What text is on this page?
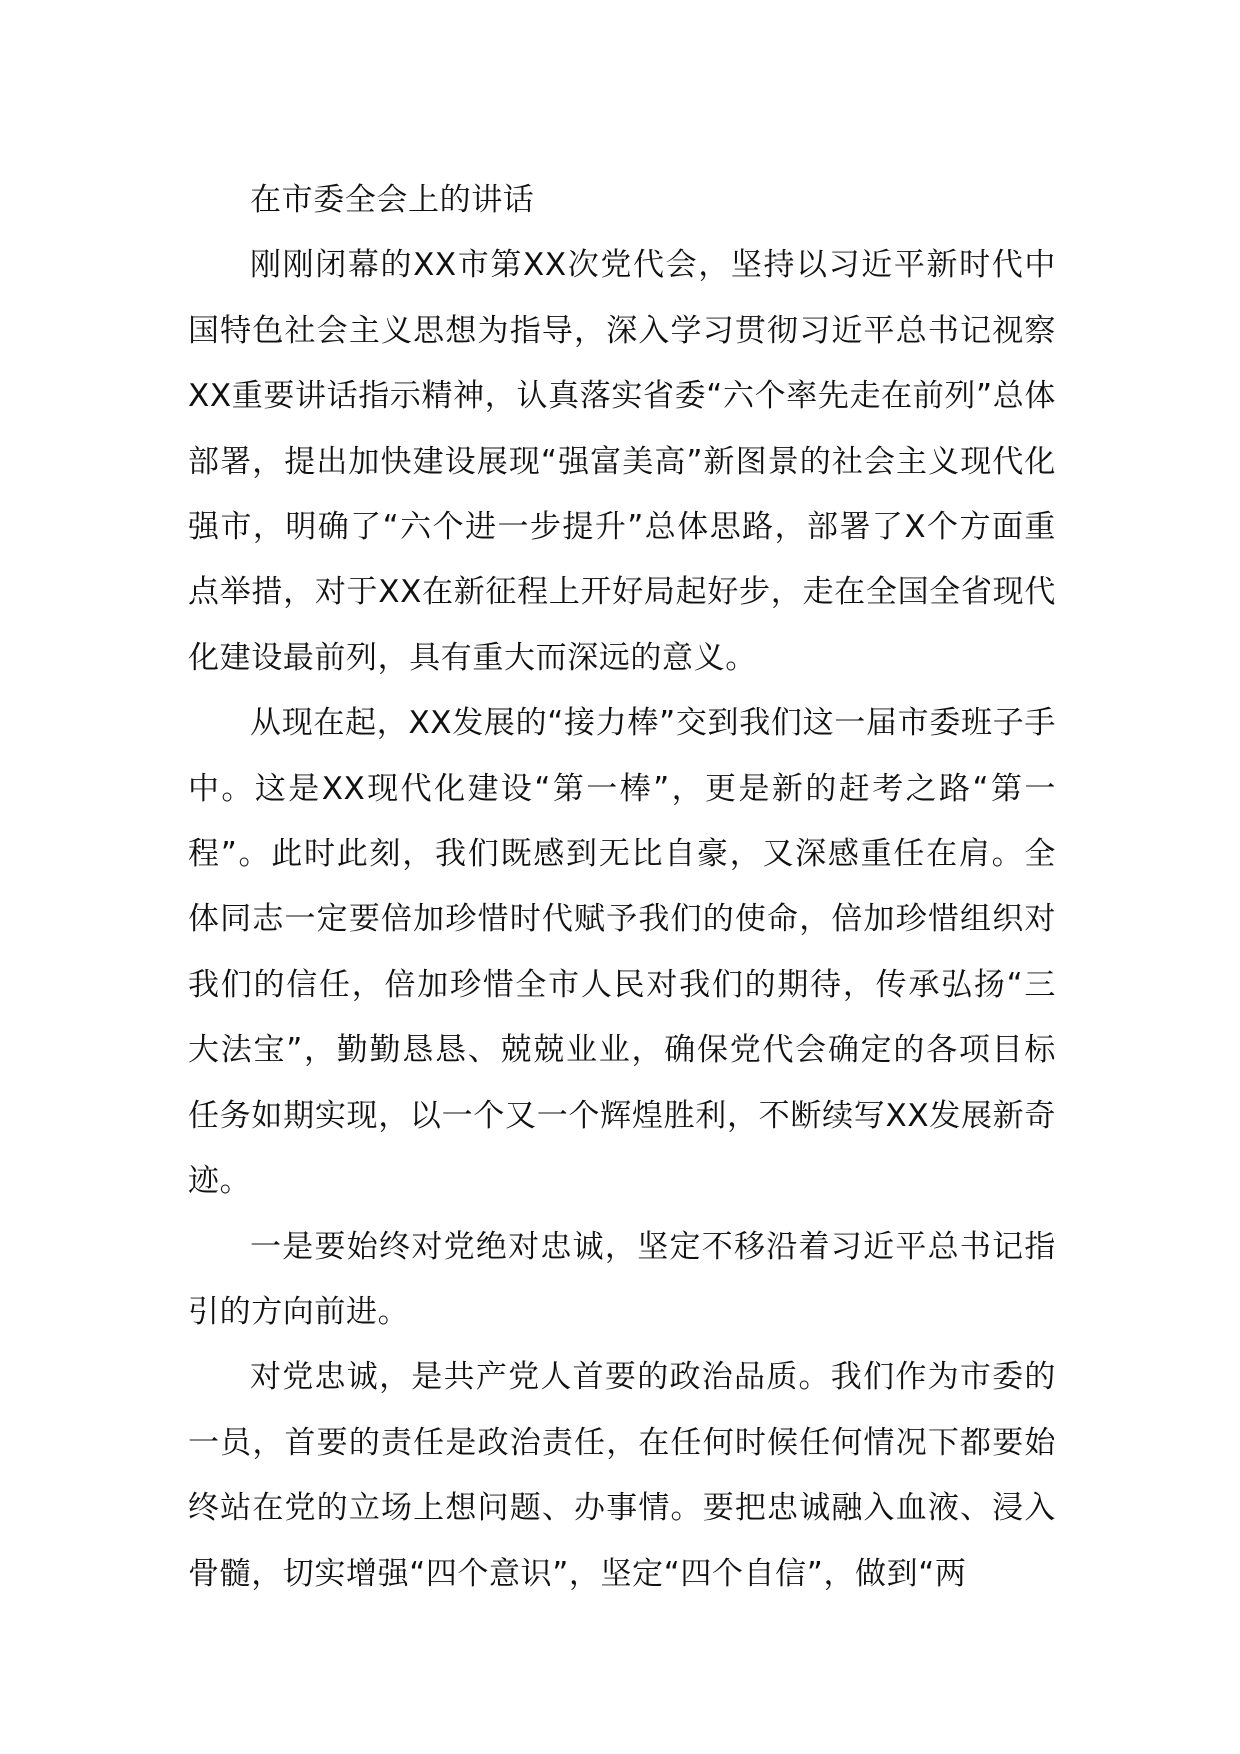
在市委全会上的讲话

刚刚闭幕的XX市第XX次党代会，坚持以习近平新时代中国特色社会主义思想为指导，深入学习贯彻习近平总书记视察XX重要讲话指示精神，认真落实省委“六个率先走在前列”总体部署，提出加快建设展现“强富美高”新图景的社会主义现代化强市，明确了“六个进一步提升”总体思路，部署了X个方面重点举措，对于XX在新征程上开好局起好步，走在全国全省现代化建设最前列，具有重大而深远的意义。

从现在起，XX发展的“接力棒”交到我们这一届市委班子手中。这是XX现代化建设“第一棒”，更是新的赶考之路“第一程”。此时此刻，我们既感到无比自豪，又深感重任在肩。全体同志一定要倍加珍惜时代赋予我们的使命，倍加珍惜组织对我们的信任，倍加珍惜全市人民对我们的期待，传承弘扬“三大法宝”，勤勤恳恳、兢兢业业，确保党代会确定的各项目标任务如期实现，以一个又一个辉煌胜利，不断续写XX发展新奇迹。

一是要始终对党绝对忠诚，坚定不移沿着习近平总书记指引的方向前进。

对党忠诚，是共产党人首要的政治品质。我们作为市委的一员，首要的责任是政治责任，在任何时候任何情况下都要始终站在党的立场上想问题、办事情。要把忠诚融入血液、浸入骨髓，切实增强“四个意识”，坚定“四个自信”，做到“两
